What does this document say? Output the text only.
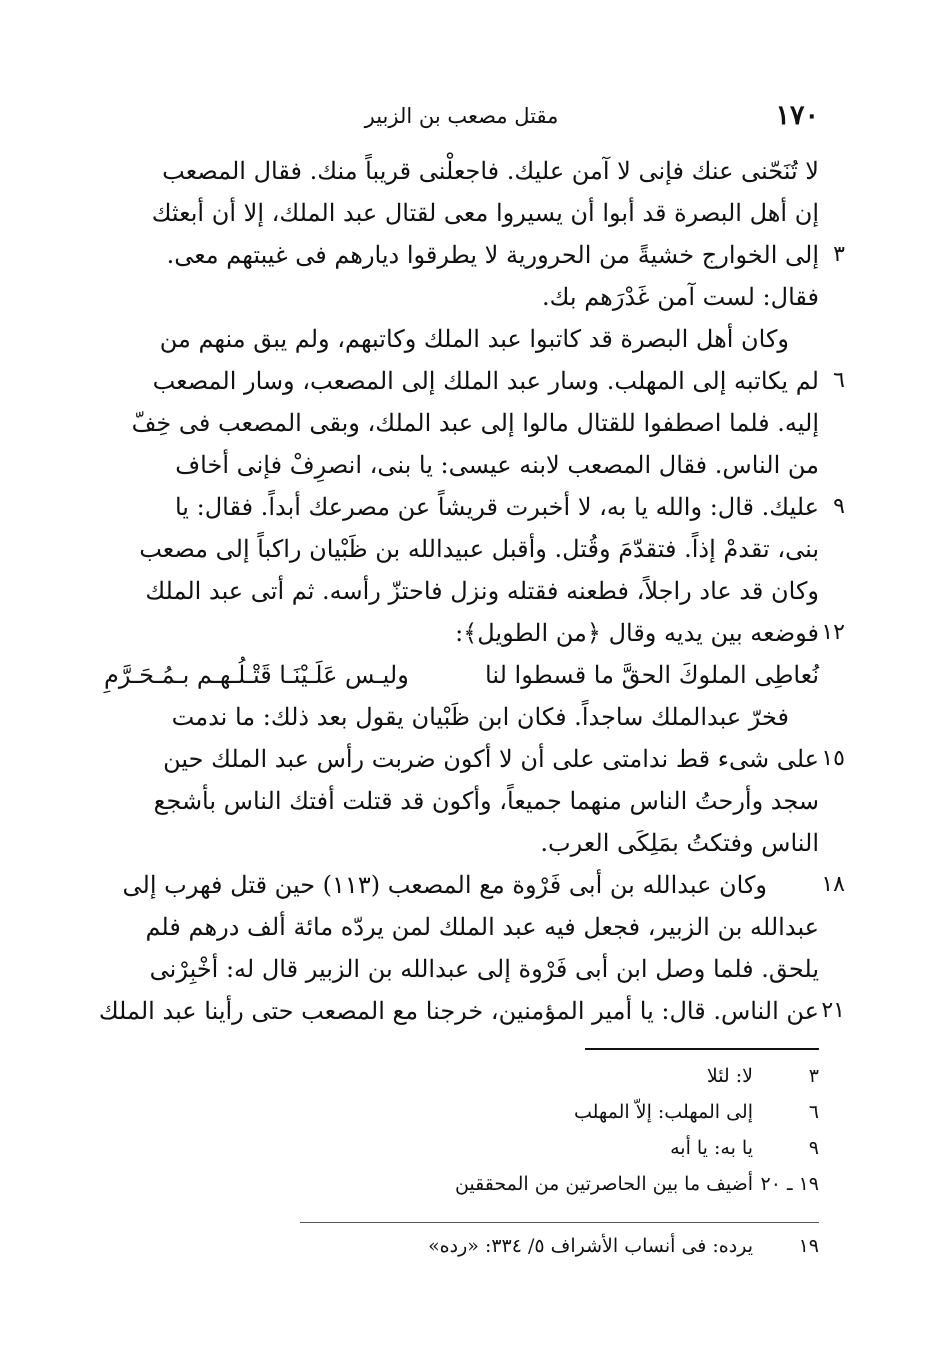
١٧٠
مقتل مصعب بن الزبير
لا تُنَحّنى عنك فإنى لا آمن عليك. فاجعلْنى قريباً منك. فقال المصعب
إن أهل البصرة قد أبوا أن يسيروا معى لقتال عبد الملك، إلا أن أبعثك
٣
إلى الخوارج خشيةً من الحرورية لا يطرقوا ديارهم فى غيبتهم معى.
فقال: لست آمن غَدْرَهم بك.
وكان أهل البصرة قد كاتبوا عبد الملك وكاتبهم، ولم يبق منهم من
٦
لم يكاتبه إلى المهلب. وسار عبد الملك إلى المصعب، وسار المصعب
إليه. فلما اصطفوا للقتال مالوا إلى عبد الملك، وبقى المصعب فى خِفّ
من الناس. فقال المصعب لابنه عيسى: يا بنى، انصرِفْ فإنى أخاف
٩
عليك. قال: والله يا به، لا أخبرت قريشاً عن مصرعك أبداً. فقال: يا
بنى، تقدمْ إذاً. فتقدّمَ وقُتل. وأقبل عبيدالله بن ظَبْيان راكباً إلى مصعب
وكان قد عاد راجلاً، فطعنه فقتله ونزل فاحتزّ رأسه. ثم أتى عبد الملك
١٢
فوضعه بين يديه وقال ﴿من الطويل﴾:
نُعاطِى الملوكَ الحقَّ ما قسطوا لنا
وليـس عَلَـيْنَـا قَتْـلُـهـم بـمُـحَـرَّمِ
فخرّ عبدالملك ساجداً. فكان ابن ظَبْيان يقول بعد ذلك: ما ندمت
١٥
على شىء قط ندامتى على أن لا أكون ضربت رأس عبد الملك حين
سجد وأرحتُ الناس منهما جميعاً، وأكون قد قتلت أفتك الناس بأشجع
الناس وفتكتُ بمَلِكَى العرب.
١٨
وكان عبدالله بن أبى فَرْوة مع المصعب (١١٣) حين قتل فهرب إلى
عبدالله بن الزبير، فجعل فيه عبد الملك لمن يردّه مائة ألف درهم فلم
يلحق. فلما وصل ابن أبى فَرْوة إلى عبدالله بن الزبير قال له: أخْبِرْنى
٢١
عن الناس. قال: يا أمير المؤمنين، خرجنا مع المصعب حتى رأينا عبد الملك
٣
لا: لئلا
٦
إلى المهلب: إلاّ المهلب
٩
يا به: يا أبه
١٩ ـ ٢٠
أضيف ما بين الحاصرتين من المحققين
١٩
يرده: فى أنساب الأشراف ٥/ ٣٣٤: «رده»
